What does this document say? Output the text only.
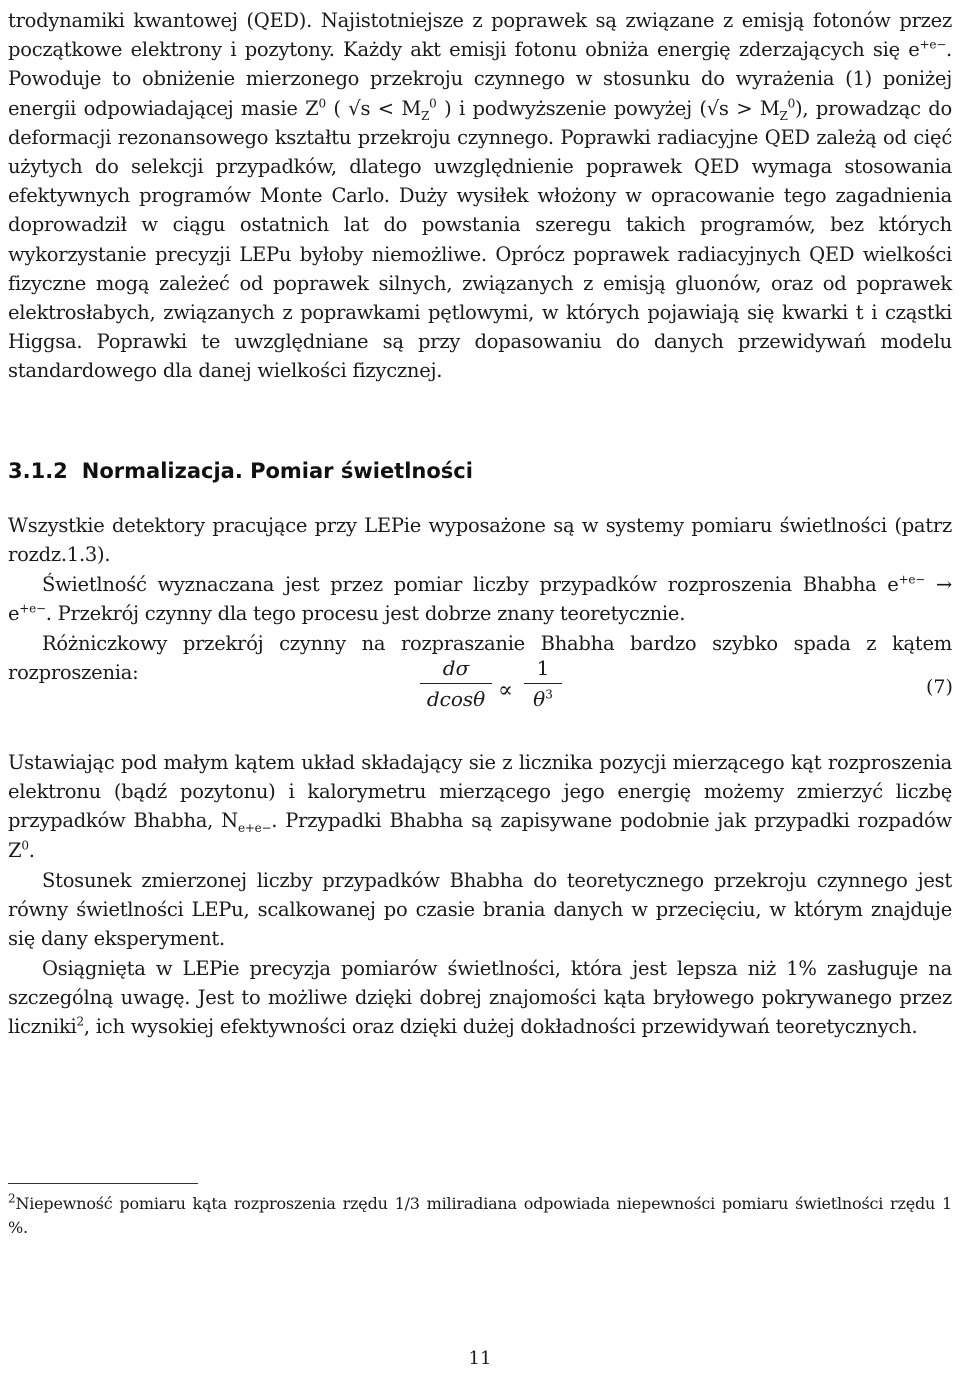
trodynamiki kwantowej (QED). Najistotniejsze z poprawek są związane z emisją fotonów przez początkowe elektrony i pozytony. Każdy akt emisji fotonu obniża energię zderzających się $e^{+e-}$. Powoduje to obniżenie mierzonego przekroju czynnego w stosunku do wyrażenia (1) poniżej energii odpowiadającej masie $Z^0$ ( $√s < M_Z^0$ ) i podwyższenie powyżej $(√s > M_Z^0)$, prowadząc do deformacji rezonansowego kształtu przekroju czynnego. Poprawki radiacyjne QED zależą od cięć użytych do selekcji przypadków, dlatego uwzględnienie poprawek QED wymaga stosowania efektywnych programów Monte Carlo. Duży wysiłek włożony w opracowanie tego zagadnienia doprowadził w ciągu ostatnich lat do powstania szeregu takich programów, bez których wykorzystanie precyzji LEPu byłoby niemożliwe. Oprócz poprawek radiacyjnych QED wielkości fizyczne mogą zależeć od poprawek silnych, związanych z emisją gluonów, oraz od poprawek elektrosłabych, związanych z poprawkami pętlowymi, w których pojawiają się kwarki t i cząstki Higgsa. Poprawki te uwzględniane są przy dopasowaniu do danych przewidywań modelu standardowego dla danej wielkości fizycznej.

3.1.2 Normalizacja. Pomiar świetlności

Wszystkie detektory pracujące przy LEPie wyposażone są w systemy pomiaru świetlności (patrz rozdz.1.3).

Świetlność wyznaczana jest przez pomiar liczby przypadków rozproszenia Bhabha $e^{+e-} \to e^{+e-}$. Przekrój czynny dla tego procesu jest dobrze znany teoretycznie.

Różniczkowy przekrój czynny na rozpraszanie Bhabha bardzo szybko spada z kątem rozproszenia:	dσ
dcosθ ∝
1
$\theta^3$	(7)

Ustawiając pod małym kątem układ składający sie z licznika pozycji mierzącego kąt rozproszenia elektronu (bądź pozytonu) i kalorymetru mierzącego jego energię możemy zmierzyć liczbę przypadków Bhabha, $N_{e+e-}$. Przypadki Bhabha są zapisywane podobnie jak przypadki rozpadów $Z^0$.

Stosunek zmierzonej liczby przypadków Bhabha do teoretycznego przekroju czynnego jest równy świetlności LEPu, scalkowanej po czasie brania danych w przecięciu, w którym znajduje się dany eksperyment.

Osiągnięta w LEPie precyzja pomiarów świetlności, która jest lepsza niż 1% zasługuje na szczególną uwagę. Jest to możliwe dzięki dobrej znajomości kąta bryłowego pokrywanego przez liczniki$^2$, ich wysokiej efektywności oraz dzięki dużej dokładności przewidywań teoretycznych.

$^2$Niepewność pomiaru kąta rozproszenia rzędu 1/3 miliradiana odpowiada niepewności pomiaru świetlności rzędu 1 %.

11
